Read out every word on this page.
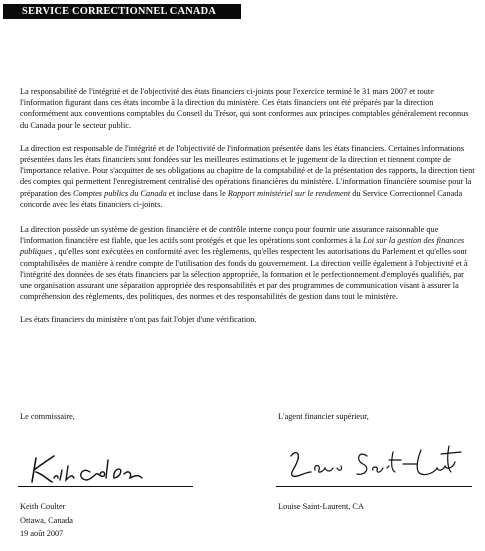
SERVICE CORRECTIONNEL CANADA

La responsabilité de l'intégrité et de l'objectivité des états financiers ci-joints pour l'exercice terminé le 31 mars 2007 et toute l'information figurant dans ces états incombe à la direction du ministère. Ces états financiers ont été préparés par la direction conformément aux conventions comptables du Conseil du Trésor, qui sont conformes aux principes comptables généralement reconnus du Canada pour le secteur public.

La direction est responsable de l'intégrité et de l'objectivité de l'information présentée dans les états financiers. Certaines informations présentées dans les états financiers sont fondées sur les meilleures estimations et le jugement de la direction et tiennent compte de l'importance relative. Pour s'acquitter de ses obligations au chapitre de la comptabilité et de la présentation des rapports, la direction tient des comptes qui permettent l'enregistrement centralisé des opérations financières du ministère. L'information financière soumise pour la préparation des Comptes publics du Canada et incluse dans le Rapport ministériel sur le rendement du Service Correctionnel Canada concorde avec les états financiers ci-joints.

La direction possède un système de gestion financière et de contrôle interne conçu pour fournir une assurance raisonnable que l'information financière est fiable, que les actifs sont protégés et que les opérations sont conformes à la Loi sur la gestion des finances publiques , qu'elles sont exécutées en conformité avec les règlements, qu'elles respectent les autorisations du Parlement et qu'elles sont comptabilisées de manière à rendre compte de l'utilisation des fonds du gouvernement. La direction veille également à l'objectivité et à l'intégrité des données de ses états financiers par la sélection appropriée, la formation et le perfectionnement d'employés qualifiés, par une organisation assurant une séparation appropriée des responsabilités et par des programmes de communication visant à assurer la compréhension des règlements, des politiques, des normes et des responsabilités de gestion dans tout le ministère.

Les états financiers du ministère n'ont pas fait l'objet d'une vérification.

Le commissaire,	L'agent financier supérieur,
Keith Coulter
Ottawa, Canada
19 août 2007
Louise Saint-Laurent, CA
